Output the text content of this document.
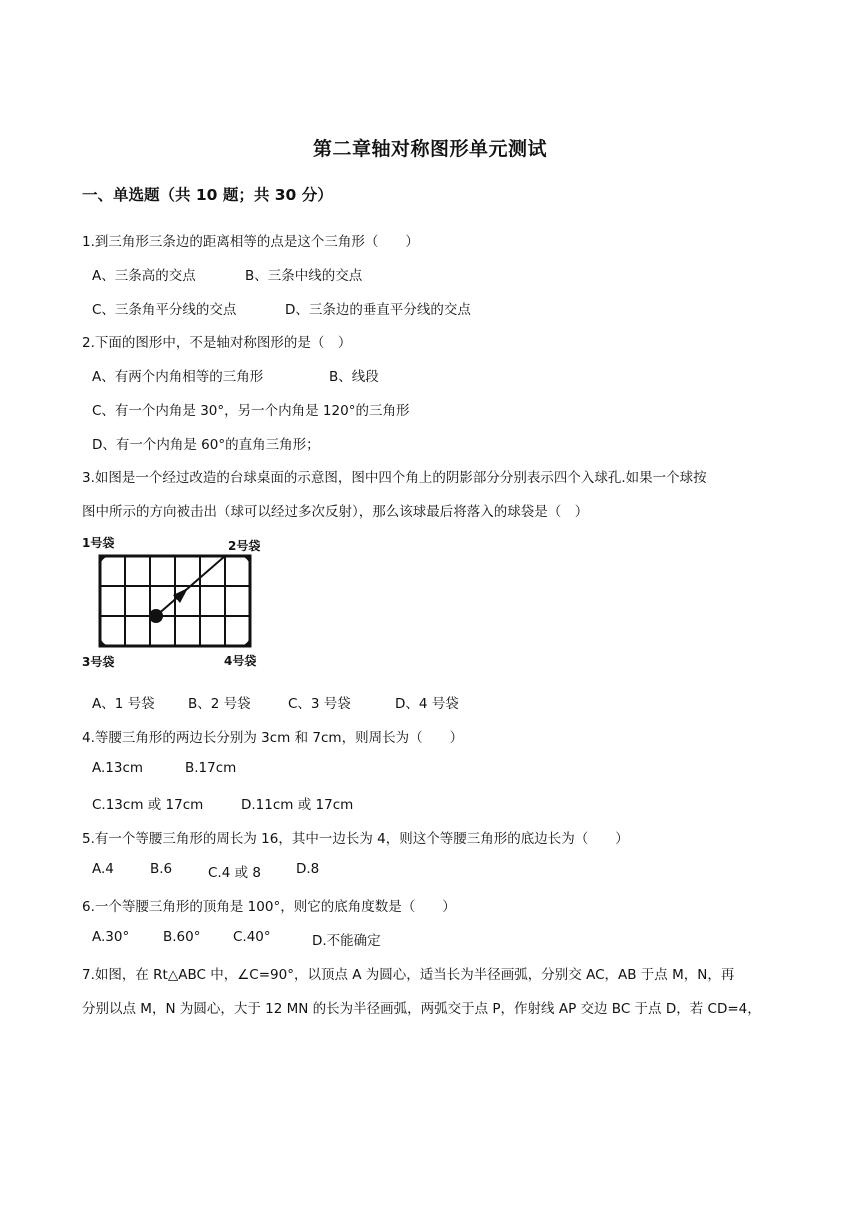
第二章轴对称图形单元测试
一、单选题（共 10 题；共 30 分）
1.到三角形三条边的距离相等的点是这个三角形（　　）
A、三条高的交点	B、三条中线的交点
C、三条角平分线的交点	D、三条边的垂直平分线的交点
2.下面的图形中，不是轴对称图形的是（　）
A、有两个内角相等的三角形	B、线段
C、有一个内角是 30°，另一个内角是 120°的三角形
D、有一个内角是 60°的直角三角形；
3.如图是一个经过改造的台球桌面的示意图，图中四个角上的阴影部分分别表示四个入球孔.如果一个球按
图中所示的方向被击出（球可以经过多次反射），那么该球最后将落入的球袋是（　）
1号袋	2号袋
3号袋	4号袋
A、1 号袋 B、2 号袋	C、3 号袋	D、4 号袋
4.等腰三角形的两边长分别为 3cm 和 7cm，则周长为（　　）
A.13cm	B.17cm
C.13cm 或 17cm	D.11cm 或 17cm
5.有一个等腰三角形的周长为 16，其中一边长为 4，则这个等腰三角形的底边长为（　　）
A.4	B.6	C.4 或 8	D.8
6.一个等腰三角形的顶角是 100°，则它的底角度数是（　　）
A.30°	B.60° C.40°	D.不能确定
7.如图，在 Rt△ABC 中，∠C=90°，以顶点 A 为圆心，适当长为半径画弧，分别交 AC，AB 于点 M，N，再
分别以点 M，N 为圆心，大于 12 MN 的长为半径画弧，两弧交于点 P，作射线 AP 交边 BC 于点 D，若 CD=4，
